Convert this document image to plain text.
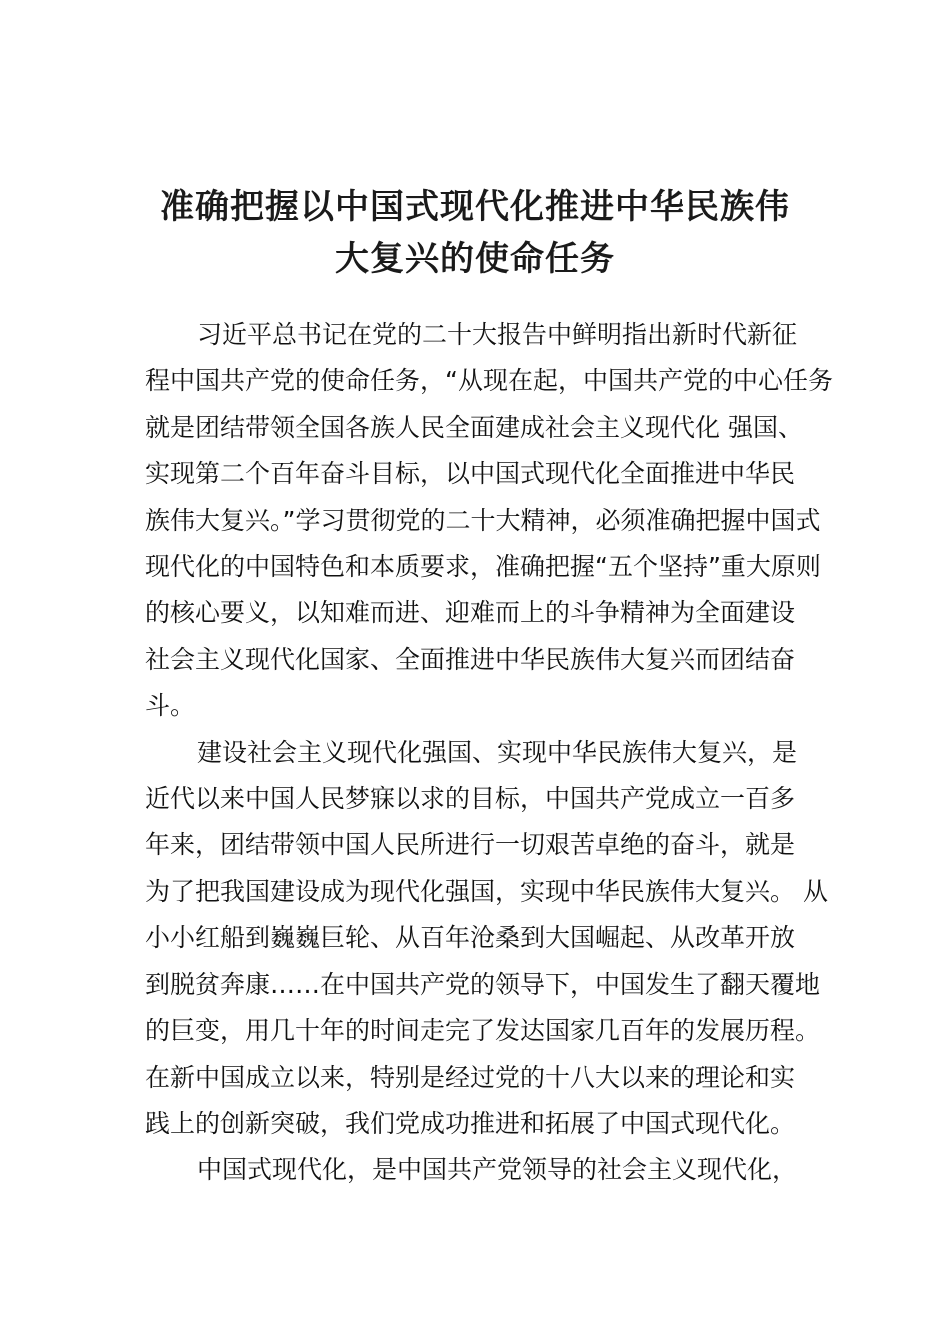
准确把握以中国式现代化推进中华民族伟
大复兴的使命任务
习近平总书记在党的二十大报告中鲜明指出新时代新征
程中国共产党的使命任务，“从现在起，中国共产党的中心任务
就是团结带领全国各族人民全面建成社会主义现代化 强国、
实现第二个百年奋斗目标，以中国式现代化全面推进中华民
族伟大复兴。”学习贯彻党的二十大精神，必须准确把握中国式
现代化的中国特色和本质要求，准确把握“五个坚持”重大原则
的核心要义，以知难而进、迎难而上的斗争精神为全面建设
社会主义现代化国家、全面推进中华民族伟大复兴而团结奋
斗。
建设社会主义现代化强国、实现中华民族伟大复兴，是
近代以来中国人民梦寐以求的目标，中国共产党成立一百多
年来，团结带领中国人民所进行一切艰苦卓绝的奋斗，就是
为了把我国建设成为现代化强国，实现中华民族伟大复兴。 从
小小红船到巍巍巨轮、从百年沧桑到大国崛起、从改革开放
到脱贫奔康……在中国共产党的领导下，中国发生了翻天覆地
的巨变，用几十年的时间走完了发达国家几百年的发展历程。
在新中国成立以来，特别是经过党的十八大以来的理论和实
践上的创新突破，我们党成功推进和拓展了中国式现代化。
中国式现代化，是中国共产党领导的社会主义现代化，
